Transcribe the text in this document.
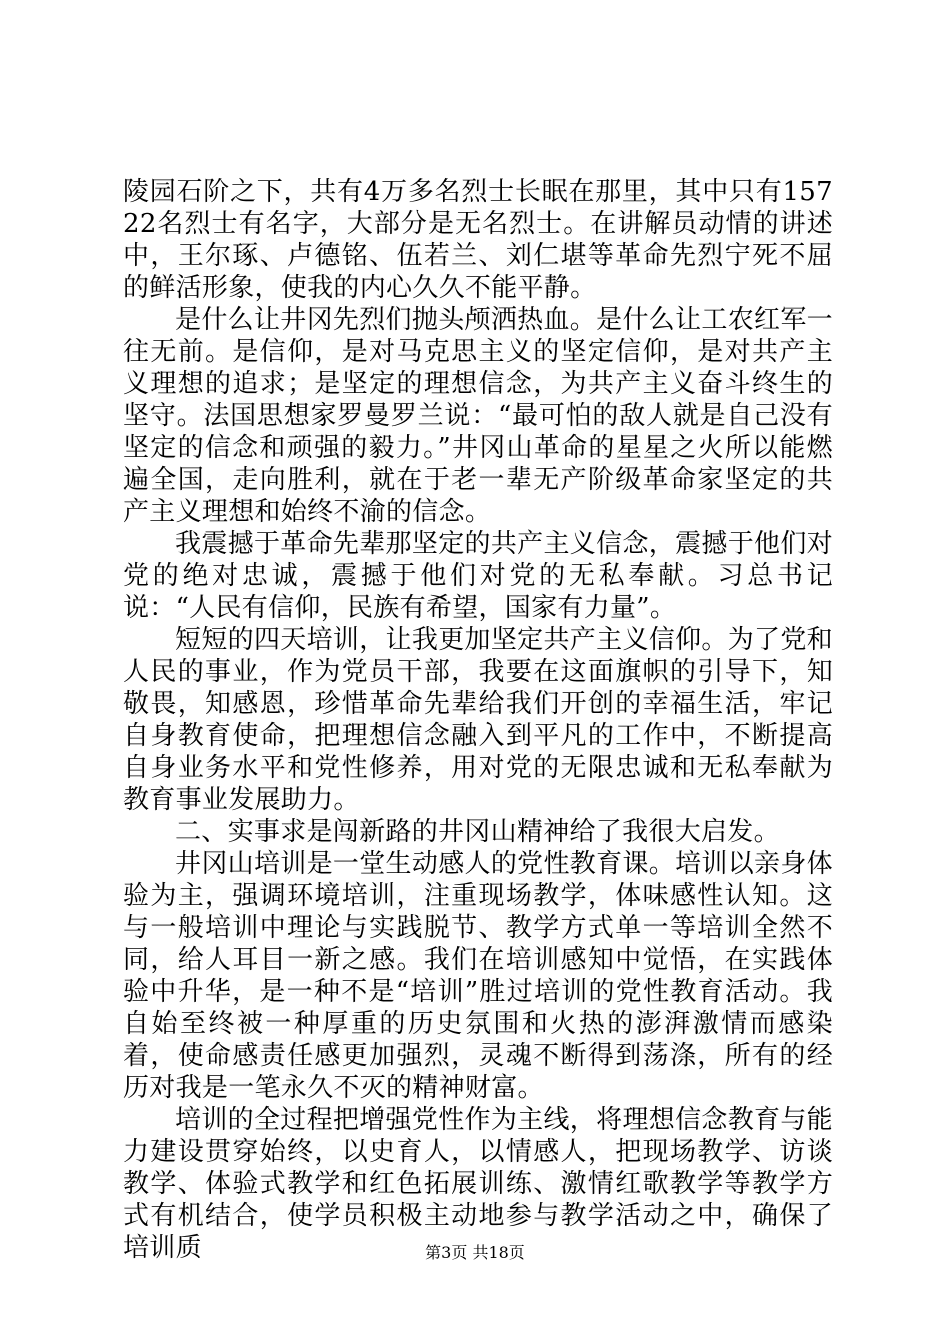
陵园石阶之下，共有4万多名烈士长眠在那里，其中只有15722名烈士有名字，大部分是无名烈士。在讲解员动情的讲述中，王尔琢、卢德铭、伍若兰、刘仁堪等革命先烈宁死不屈的鲜活形象，使我的内心久久不能平静。

是什么让井冈先烈们抛头颅洒热血。是什么让工农红军一往无前。是信仰，是对马克思主义的坚定信仰，是对共产主义理想的追求；是坚定的理想信念，为共产主义奋斗终生的坚守。法国思想家罗曼罗兰说：“最可怕的敌人就是自己没有坚定的信念和顽强的毅力。”井冈山革命的星星之火所以能燃遍全国，走向胜利，就在于老一辈无产阶级革命家坚定的共产主义理想和始终不渝的信念。

我震撼于革命先辈那坚定的共产主义信念，震撼于他们对党的绝对忠诚，震撼于他们对党的无私奉献。习总书记说：“人民有信仰，民族有希望，国家有力量”。

短短的四天培训，让我更加坚定共产主义信仰。为了党和人民的事业，作为党员干部，我要在这面旗帜的引导下，知敬畏，知感恩，珍惜革命先辈给我们开创的幸福生活，牢记自身教育使命，把理想信念融入到平凡的工作中，不断提高自身业务水平和党性修养，用对党的无限忠诚和无私奉献为教育事业发展助力。

二、实事求是闯新路的井冈山精神给了我很大启发。

井冈山培训是一堂生动感人的党性教育课。培训以亲身体验为主，强调环境培训，注重现场教学，体味感性认知。这与一般培训中理论与实践脱节、教学方式单一等培训全然不同，给人耳目一新之感。我们在培训感知中觉悟，在实践体验中升华，是一种不是“培训”胜过培训的党性教育活动。我自始至终被一种厚重的历史氛围和火热的澎湃激情而感染着，使命感责任感更加强烈，灵魂不断得到荡涤，所有的经历对我是一笔永久不灭的精神财富。

培训的全过程把增强党性作为主线，将理想信念教育与能力建设贯穿始终，以史育人，以情感人，把现场教学、访谈教学、体验式教学和红色拓展训练、激情红歌教学等教学方式有机结合，使学员积极主动地参与教学活动之中，确保了培训质	第3页 共18页
